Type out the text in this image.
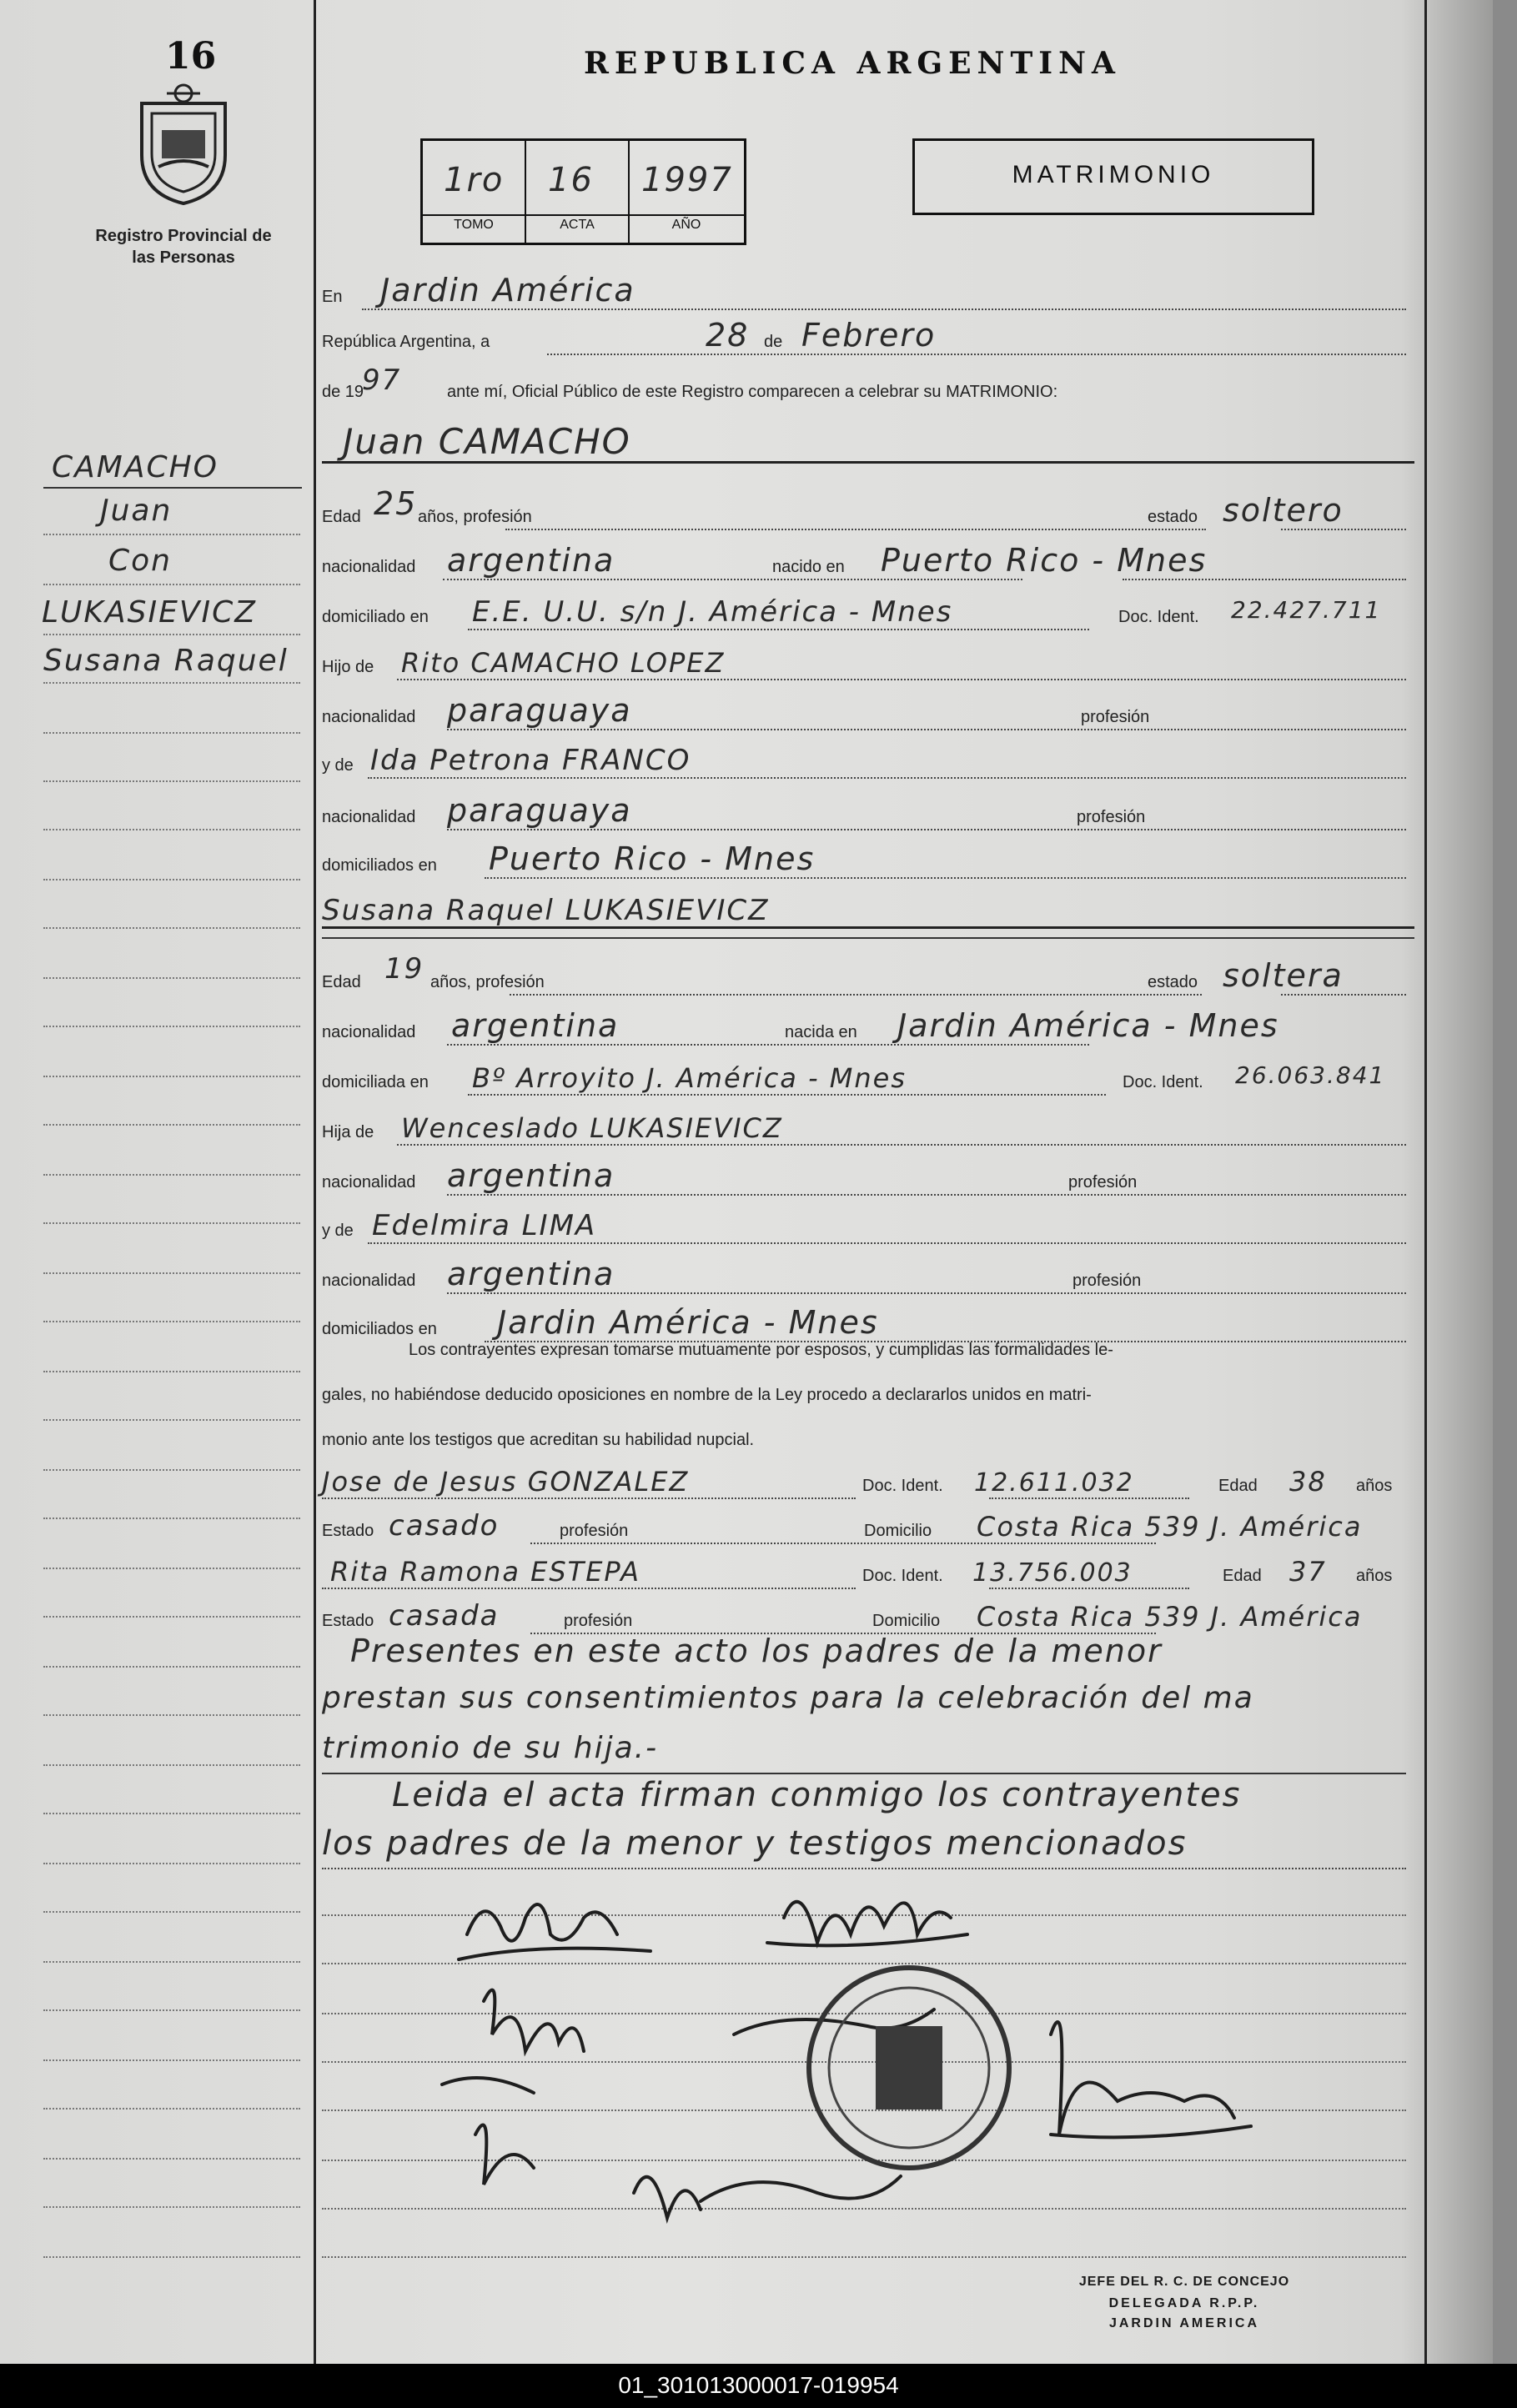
16
Registro Provincial de las Personas
REPUBLICA ARGENTINA
1ro 16 1997
TOMO	ACTA	AÑO
MATRIMONIO
CAMACHO
Juan
Con
LUKASIEVICZ
Susana Raquel
En Jardin América
República Argentina, a	28 de Febrero
de 19
97	ante mí, Oficial Público de este Registro comparecen a celebrar su MATRIMONIO:
Juan CAMACHO
Edad 25 años, profesión	estado soltero
nacionalidad argentina	nacido en Puerto Rico - Mnes
domiciliado en E.E. U.U. s/n J. América - Mnes	Doc. Ident. 22.427.711
Hijo de Rito CAMACHO LOPEZ
nacionalidad paraguaya	profesión
y de Ida Petrona FRANCO
nacionalidad paraguaya	profesión
domiciliados en Puerto Rico - Mnes
Susana Raquel LUKASIEVICZ
Edad 19 años, profesión	estado soltera
nacionalidad argentina	nacida en Jardin América - Mnes
domiciliada en Bº Arroyito J. América - Mnes	Doc. Ident. 26.063.841
Hija de Wenceslado LUKASIEVICZ
nacionalidad argentina	profesión
y de Edelmira LIMA
nacionalidad argentina	profesión
domiciliados en Jardin América - Mnes
Los contrayentes expresan tomarse mutuamente por esposos, y cumplidas las formalidades le-
gales, no habiéndose deducido oposiciones en nombre de la Ley procedo a declararlos unidos en matri-
monio ante los testigos que acreditan su habilidad nupcial.
Jose de Jesus GONZALEZ	Doc. Ident. 12.611.032	Edad 38 años
Estado casado	profesión	Domicilio Costa Rica 539 J. América
Rita Ramona ESTEPA	Doc. Ident. 13.756.003	Edad 37 años
Estado casada	profesión	Domicilio Costa Rica 539 J. América
Presentes en este acto los padres de la menor
prestan sus consentimientos para la celebración del ma
trimonio de su hija.-
Leida el acta firman conmigo los contrayentes
los padres de la menor y testigos mencionados
JEFE DEL R. C. DE CONCEJO
DELEGADA R.P.P.
JARDIN AMERICA
01_301013000017-019954
